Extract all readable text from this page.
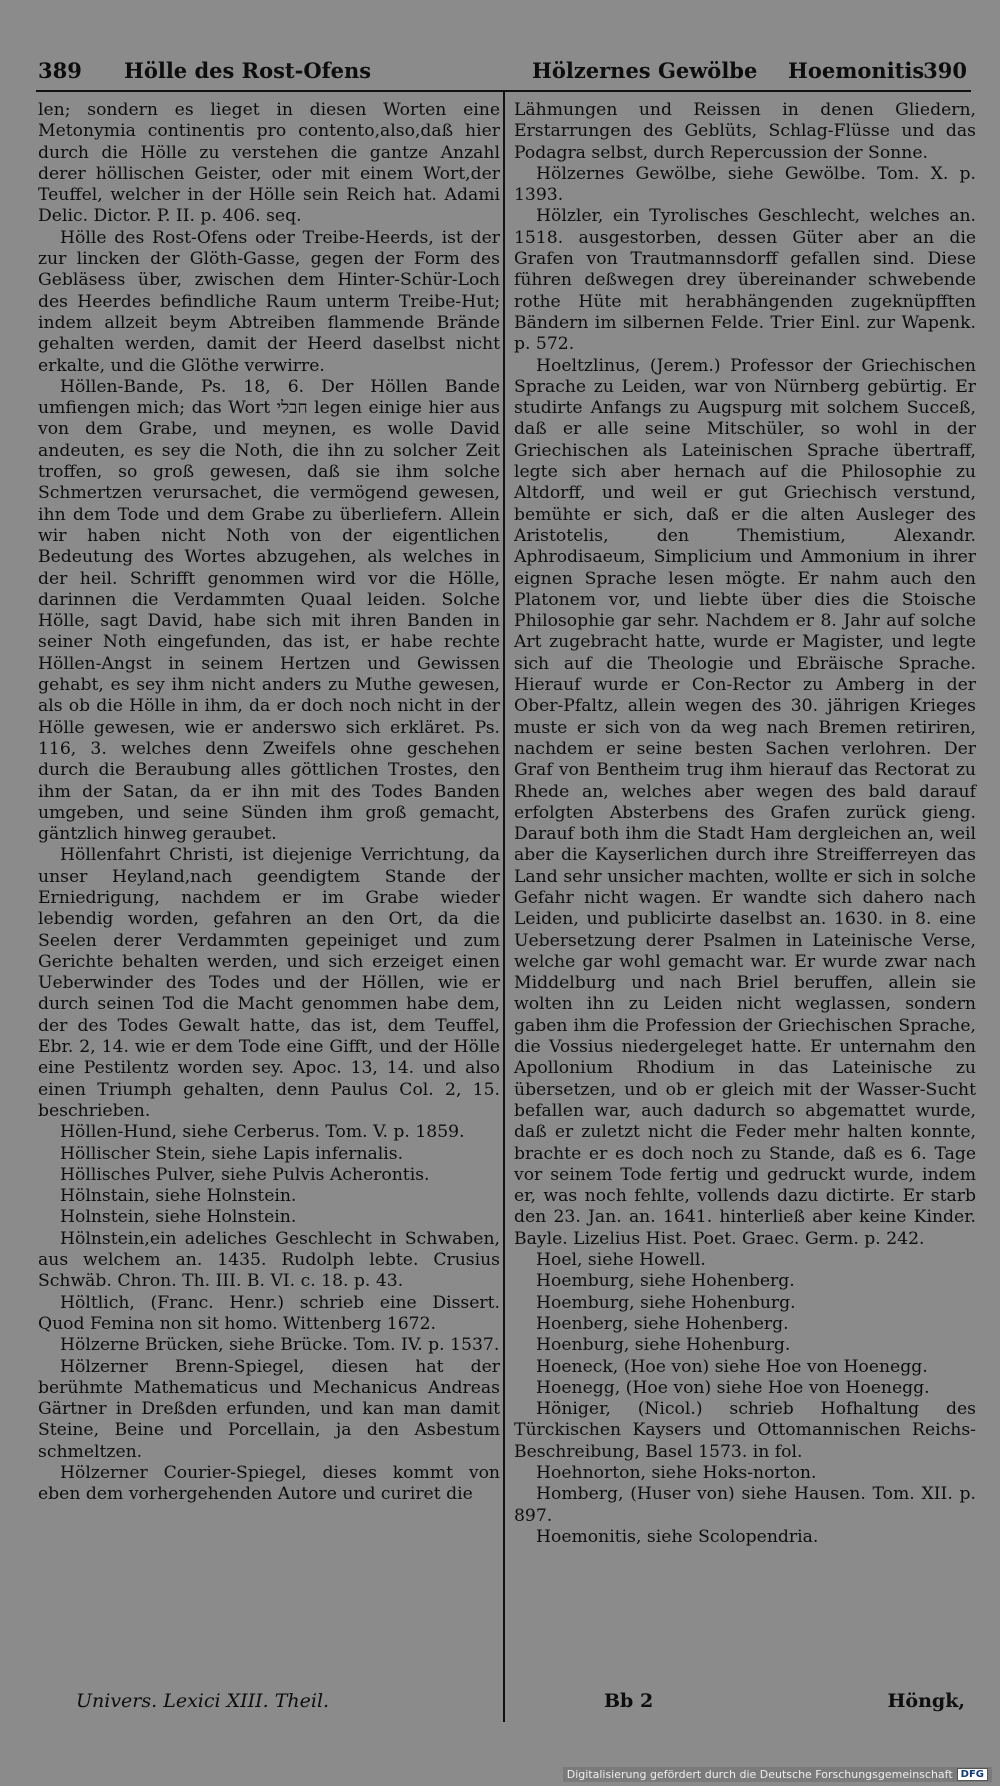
389 Hölle des Rost-Ofens	Hölzernes Gewölbe Hoemonitis
390

len; sondern es lieget in diesen Worten eine Metonymia continentis pro contento,also,daß hier durch die Hölle zu verstehen die gantze Anzahl derer höllischen Geister, oder mit einem Wort,der Teuffel, welcher in der Hölle sein Reich hat. Adami Delic. Dictor. P. II. p. 406. seq.

Hölle des Rost-Ofens oder Treibe-Heerds, ist der zur lincken der Glöth-Gasse, gegen der Form des Gebläsess über, zwischen dem Hinter-Schür-Loch des Heerdes befindliche Raum unterm Treibe-Hut; indem allzeit beym Abtreiben flammende Brände gehalten werden, damit der Heerd daselbst nicht erkalte, und die Glöthe verwirre.

Höllen-Bande, Ps. 18, 6. Der Höllen Bande umfiengen mich; das Wort חבלי legen einige hier aus von dem Grabe, und meynen, es wolle David andeuten, es sey die Noth, die ihn zu solcher Zeit troffen, so groß gewesen, daß sie ihm solche Schmertzen verursachet, die vermögend gewesen, ihn dem Tode und dem Grabe zu überliefern. Allein wir haben nicht Noth von der eigentlichen Bedeutung des Wortes abzugehen, als welches in der heil. Schrifft genommen wird vor die Hölle, darinnen die Verdammten Quaal leiden. Solche Hölle, sagt David, habe sich mit ihren Banden in seiner Noth eingefunden, das ist, er habe rechte Höllen-Angst in seinem Hertzen und Gewissen gehabt, es sey ihm nicht anders zu Muthe gewesen, als ob die Hölle in ihm, da er doch noch nicht in der Hölle gewesen, wie er anderswo sich erkläret. Ps. 116, 3. welches denn Zweifels ohne geschehen durch die Beraubung alles göttlichen Trostes, den ihm der Satan, da er ihn mit des Todes Banden umgeben, und seine Sünden ihm groß gemacht, gäntzlich hinweg geraubet.

Höllenfahrt Christi, ist diejenige Verrichtung, da unser Heyland,nach geendigtem Stande der Erniedrigung, nachdem er im Grabe wieder lebendig worden, gefahren an den Ort, da die Seelen derer Verdammten gepeiniget und zum Gerichte behalten werden, und sich erzeiget einen Ueberwinder des Todes und der Höllen, wie er durch seinen Tod die Macht genommen habe dem, der des Todes Gewalt hatte, das ist, dem Teuffel, Ebr. 2, 14. wie er dem Tode eine Gifft, und der Hölle eine Pestilentz worden sey. Apoc. 13, 14. und also einen Triumph gehalten, denn Paulus Col. 2, 15. beschrieben.

Höllen-Hund, siehe Cerberus. Tom. V. p. 1859.

Höllischer Stein, siehe Lapis infernalis.

Höllisches Pulver, siehe Pulvis Acherontis.

Hölnstain, siehe Holnstein.

Holnstein, siehe Holnstein.

Hölnstein,ein adeliches Geschlecht in Schwaben, aus welchem an. 1435. Rudolph lebte. Crusius Schwäb. Chron. Th. III. B. VI. c. 18. p. 43.

Höltlich, (Franc. Henr.) schrieb eine Dissert. Quod Femina non sit homo. Wittenberg 1672.

Hölzerne Brücken, siehe Brücke. Tom. IV. p. 1537.

Hölzerner Brenn-Spiegel, diesen hat der berühmte Mathematicus und Mechanicus Andreas Gärtner in Dreßden erfunden, und kan man damit Steine, Beine und Porcellain, ja den Asbestum schmeltzen.

Hölzerner Courier-Spiegel, dieses kommt von eben dem vorhergehenden Autore und curiret die

Lähmungen und Reissen in denen Gliedern, Erstarrungen des Geblüts, Schlag-Flüsse und das Podagra selbst, durch Repercussion der Sonne.

Hölzernes Gewölbe, siehe Gewölbe. Tom. X. p. 1393.

Hölzler, ein Tyrolisches Geschlecht, welches an. 1518. ausgestorben, dessen Güter aber an die Grafen von Trautmannsdorff gefallen sind. Diese führen deßwegen drey übereinander schwebende rothe Hüte mit herabhängenden zugeknüpfften Bändern im silbernen Felde. Trier Einl. zur Wapenk. p. 572.

Hoeltzlinus, (Jerem.) Professor der Griechischen Sprache zu Leiden, war von Nürnberg gebürtig. Er studirte Anfangs zu Augspurg mit solchem Succeß, daß er alle seine Mitschüler, so wohl in der Griechischen als Lateinischen Sprache übertraff, legte sich aber hernach auf die Philosophie zu Altdorff, und weil er gut Griechisch verstund, bemühte er sich, daß er die alten Ausleger des Aristotelis, den Themistium, Alexandr. Aphrodisaeum, Simplicium und Ammonium in ihrer eignen Sprache lesen mögte. Er nahm auch den Platonem vor, und liebte über dies die Stoische Philosophie gar sehr. Nachdem er 8. Jahr auf solche Art zugebracht hatte, wurde er Magister, und legte sich auf die Theologie und Ebräische Sprache. Hierauf wurde er Con-Rector zu Amberg in der Ober-Pfaltz, allein wegen des 30. jährigen Krieges muste er sich von da weg nach Bremen retiriren, nachdem er seine besten Sachen verlohren. Der Graf von Bentheim trug ihm hierauf das Rectorat zu Rhede an, welches aber wegen des bald darauf erfolgten Absterbens des Grafen zurück gieng. Darauf both ihm die Stadt Ham dergleichen an, weil aber die Kayserlichen durch ihre Streifferreyen das Land sehr unsicher machten, wollte er sich in solche Gefahr nicht wagen. Er wandte sich dahero nach Leiden, und publicirte daselbst an. 1630. in 8. eine Uebersetzung derer Psalmen in Lateinische Verse, welche gar wohl gemacht war. Er wurde zwar nach Middelburg und nach Briel beruffen, allein sie wolten ihn zu Leiden nicht weglassen, sondern gaben ihm die Profession der Griechischen Sprache, die Vossius niedergeleget hatte. Er unternahm den Apollonium Rhodium in das Lateinische zu übersetzen, und ob er gleich mit der Wasser-Sucht befallen war, auch dadurch so abgemattet wurde, daß er zuletzt nicht die Feder mehr halten konnte, brachte er es doch noch zu Stande, daß es 6. Tage vor seinem Tode fertig und gedruckt wurde, indem er, was noch fehlte, vollends dazu dictirte. Er starb den 23. Jan. an. 1641. hinterließ aber keine Kinder. Bayle. Lizelius Hist. Poet. Graec. Germ. p. 242.

Hoel, siehe Howell.

Hoemburg, siehe Hohenberg.

Hoemburg, siehe Hohenburg.

Hoenberg, siehe Hohenberg.

Hoenburg, siehe Hohenburg.

Hoeneck, (Hoe von) siehe Hoe von Hoenegg.

Hoenegg, (Hoe von) siehe Hoe von Hoenegg.

Höniger, (Nicol.) schrieb Hofhaltung des Türckischen Kaysers und Ottomannischen Reichs-Beschreibung, Basel 1573. in fol.

Hoehnorton, siehe Hoks-norton.

Homberg, (Huser von) siehe Hausen. Tom. XII. p. 897.

Hoemonitis, siehe Scolopendria.

Univers. Lexici XIII. Theil.	Bb 2	Höngk,
Digitalisierung gefördert durch die Deutsche Forschungsgemeinschaft DFG
